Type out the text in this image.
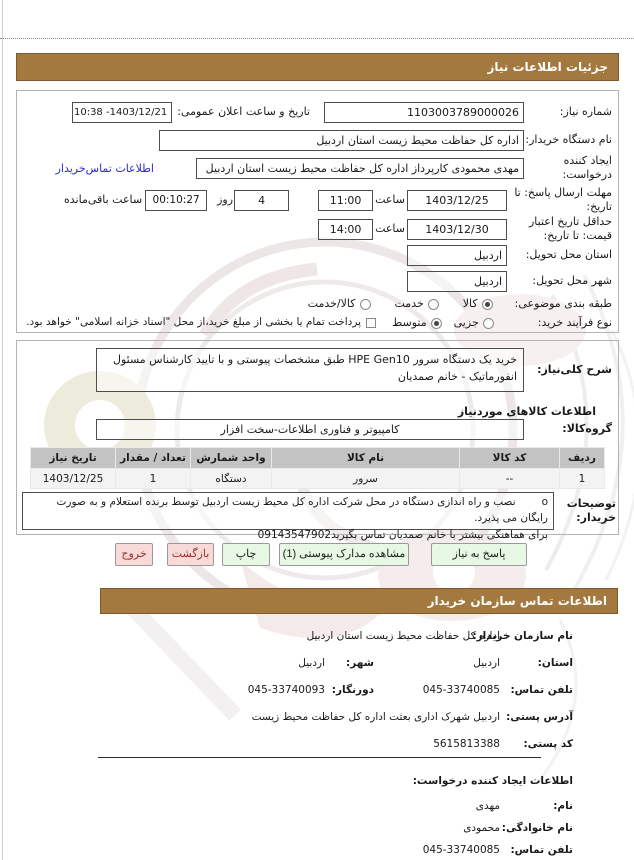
جزئیات اطلاعات نیاز
شماره نیاز:
1103003789000026
تاریخ و ساعت اعلان عمومی:
1403/12/21- 10:38
نام دستگاه خریدار:
اداره کل حفاظت محیط زیست استان اردبیل
ایجاد کننده درخواست:
مهدی محمودی کارپرداز اداره کل حفاظت محیط زیست استان اردبیل
اطلاعات تماس‌خریدار
مهلت ارسال پاسخ: تا تاریخ:
1403/12/25
ساعت
11:00
4
روز
00:10:27
ساعت باقی‌مانده
حداقل تاریخ اعتبار قیمت: تا تاریخ:
1403/12/30
ساعت
14:00
استان محل تحویل:
اردبیل
شهر محل تحویل:
اردبیل
طبقه بندی موضوعی:
کالا
خدمت
کالا/خدمت
نوع فرآیند خرید:
جزیی
متوسط
پرداخت تمام یا بخشی از مبلغ خرید،از محل "اسناد خزانه اسلامی" خواهد بود.
شرح کلی‌نیاز:
خرید یک دستگاه سرور HPE Gen10 طبق مشخصات پیوستی و با تایید کارشناس مسئول انفورماتیک - خانم صمدیان
اطلاعات کالاهای موردنیاز
گروه‌کالا:
کامپیوتر و فناوری اطلاعات-سخت افزار
ردیف	کد کالا	نام کالا	واحد شمارش	تعداد / مقدار	تاریخ نیاز
1	--	سرور	دستگاه	1	1403/12/25
توضیحات خریدار:
oنصب و راه اندازی دستگاه در محل شرکت اداره کل محیط زیست اردبیل توسط برنده استعلام و به صورت رایگان می پذیرد.
برای هماهنگی بیشتر با خانم صمدیان تماس بگیرید09143547902
پاسخ به نیاز
مشاهده مدارک پیوستی (1)
چاپ
بازگشت
خروج
اطلاعات تماس سازمان خریدار
نام سازمان خریدار:
اداره کل حفاظت محیط زیست استان اردبیل
استان:
اردبیل
شهر:
اردبیل
تلفن تماس:
045-33740085
دورنگار:
045-33740093
آدرس پستی:
اردبیل شهرک اداری بعثت اداره کل حفاظت محیط زیست
کد پستی:
5615813388
اطلاعات ایجاد کننده درخواست:
نام:
مهدی
نام خانوادگی:
محمودی
تلفن تماس:
045-33740085
